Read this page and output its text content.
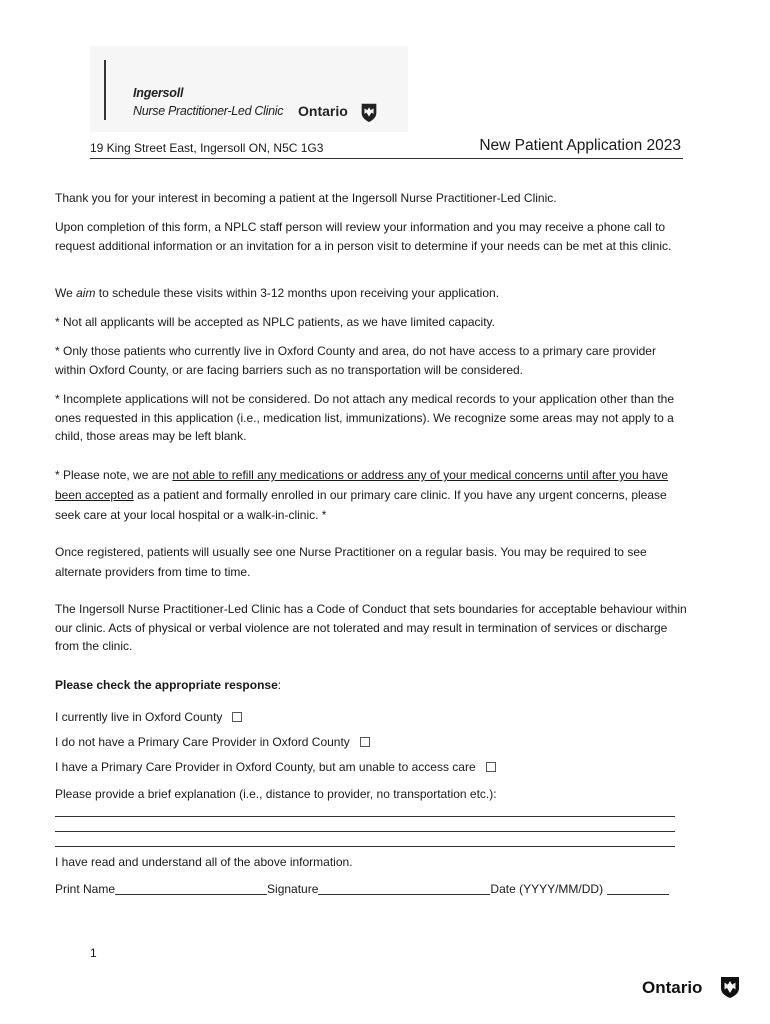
Ingersoll
Nurse Practitioner-Led Clinic Ontario
19 King Street East, Ingersoll ON, N5C 1G3	New Patient Application 2023

Thank you for your interest in becoming a patient at the Ingersoll Nurse Practitioner-Led Clinic.

Upon completion of this form, a NPLC staff person will review your information and you may receive a phone call to request additional information or an invitation for a in person visit to determine if your needs can be met at this clinic.

We aim to schedule these visits within 3-12 months upon receiving your application.

* Not all applicants will be accepted as NPLC patients, as we have limited capacity.

* Only those patients who currently live in Oxford County and area, do not have access to a primary care provider within Oxford County, or are facing barriers such as no transportation will be considered.

* Incomplete applications will not be considered. Do not attach any medical records to your application other than the ones requested in this application (i.e., medication list, immunizations). We recognize some areas may not apply to a child, those areas may be left blank.

* Please note, we are not able to refill any medications or address any of your medical concerns until after you have been accepted as a patient and formally enrolled in our primary care clinic. If you have any urgent concerns, please seek care at your local hospital or a walk-in-clinic. *

Once registered, patients will usually see one Nurse Practitioner on a regular basis. You may be required to see alternate providers from time to time.

The Ingersoll Nurse Practitioner-Led Clinic has a Code of Conduct that sets boundaries for acceptable behaviour within our clinic. Acts of physical or verbal violence are not tolerated and may result in termination of services or discharge from the clinic.

Please check the appropriate response:

I currently live in Oxford County
I do not have a Primary Care Provider in Oxford County
I have a Primary Care Provider in Oxford County, but am unable to access care

Please provide a brief explanation (i.e., distance to provider, no transportation etc.):

I have read and understand all of the above information.

Print Name	Signature	Date (YYYY/MM/DD)
1
Ontario
